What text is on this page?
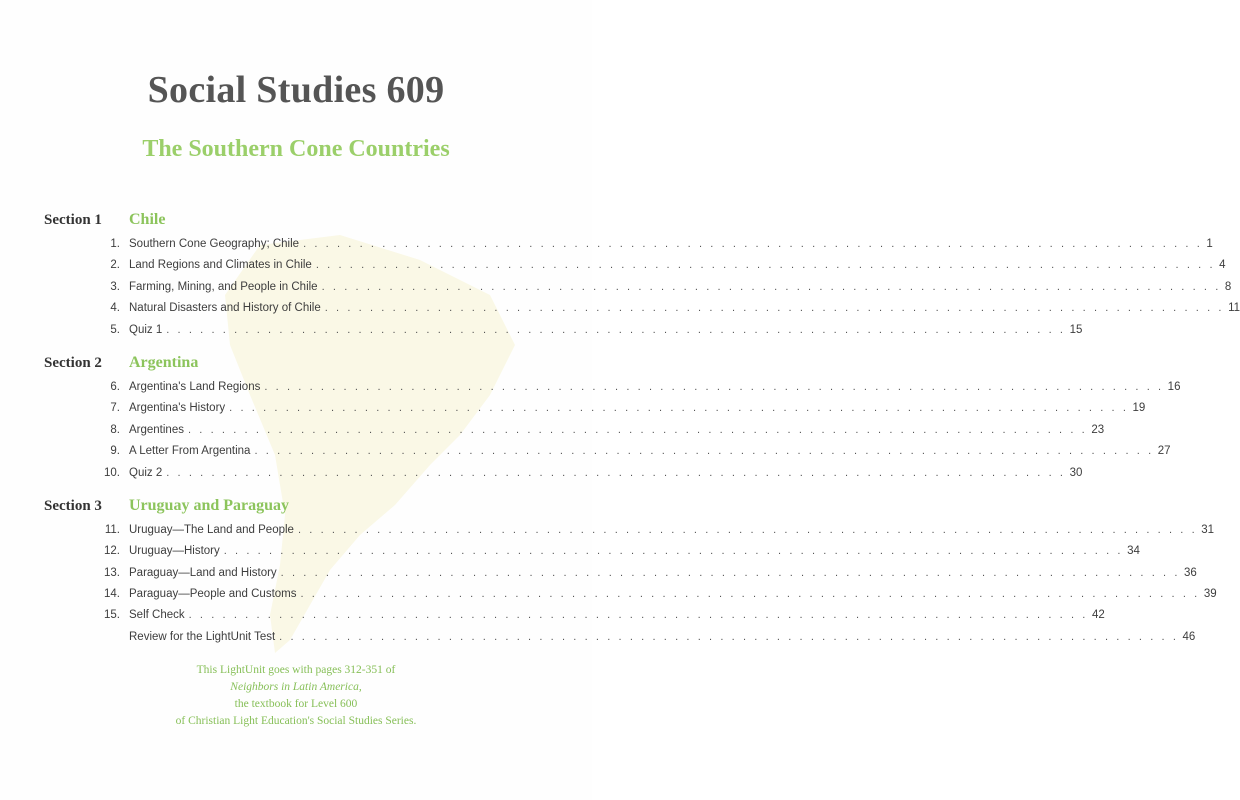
Social Studies 609
The Southern Cone Countries
Section 1 Chile
1. Southern Cone Geography; Chile . . . . . . . . . . . . . . . . . . . . . . . . . . . . . . . . . . . . . . . . . . . . . . . . . . . . . . . . . . . . . . . . . . . . . . . . . . . . . . . . 1
2. Land Regions and Climates in Chile . . . . . . . . . . . . . . . . . . . . . . . . . . . . . . . . . . . . . . . . . . . . . . . . . . . . . . . . . . . . . . . . . . . . . . . . . . . . . . . . 4
3. Farming, Mining, and People in Chile . . . . . . . . . . . . . . . . . . . . . . . . . . . . . . . . . . . . . . . . . . . . . . . . . . . . . . . . . . . . . . . . . . . . . . . . . . . . . . . . 8
4. Natural Disasters and History of Chile . . . . . . . . . . . . . . . . . . . . . . . . . . . . . . . . . . . . . . . . . . . . . . . . . . . . . . . . . . . . . . . . . . . . . . . . . . . . . . . . 11
5. Quiz 1 . . . . . . . . . . . . . . . . . . . . . . . . . . . . . . . . . . . . . . . . . . . . . . . . . . . . . . . . . . . . . . . . . . . . . . . . . . . . . . . . 15
Section 2 Argentina
6. Argentina's Land Regions . . . . . . . . . . . . . . . . . . . . . . . . . . . . . . . . . . . . . . . . . . . . . . . . . . . . . . . . . . . . . . . . . . . . . . . . . . . . . . . . 16
7. Argentina's History . . . . . . . . . . . . . . . . . . . . . . . . . . . . . . . . . . . . . . . . . . . . . . . . . . . . . . . . . . . . . . . . . . . . . . . . . . . . . . . . 19
8. Argentines . . . . . . . . . . . . . . . . . . . . . . . . . . . . . . . . . . . . . . . . . . . . . . . . . . . . . . . . . . . . . . . . . . . . . . . . . . . . . . . . 23
9. A Letter From Argentina . . . . . . . . . . . . . . . . . . . . . . . . . . . . . . . . . . . . . . . . . . . . . . . . . . . . . . . . . . . . . . . . . . . . . . . . . . . . . . . . 27
10. Quiz 2 . . . . . . . . . . . . . . . . . . . . . . . . . . . . . . . . . . . . . . . . . . . . . . . . . . . . . . . . . . . . . . . . . . . . . . . . . . . . . . . . 30
Section 3 Uruguay and Paraguay
11. Uruguay—The Land and People . . . . . . . . . . . . . . . . . . . . . . . . . . . . . . . . . . . . . . . . . . . . . . . . . . . . . . . . . . . . . . . . . . . . . . . . . . . . . . . . 31
12. Uruguay—History . . . . . . . . . . . . . . . . . . . . . . . . . . . . . . . . . . . . . . . . . . . . . . . . . . . . . . . . . . . . . . . . . . . . . . . . . . . . . . . . 34
13. Paraguay—Land and History . . . . . . . . . . . . . . . . . . . . . . . . . . . . . . . . . . . . . . . . . . . . . . . . . . . . . . . . . . . . . . . . . . . . . . . . . . . . . . . . 36
14. Paraguay—People and Customs . . . . . . . . . . . . . . . . . . . . . . . . . . . . . . . . . . . . . . . . . . . . . . . . . . . . . . . . . . . . . . . . . . . . . . . . . . . . . . . . 39
15. Self Check . . . . . . . . . . . . . . . . . . . . . . . . . . . . . . . . . . . . . . . . . . . . . . . . . . . . . . . . . . . . . . . . . . . . . . . . . . . . . . . . 42
Review for the LightUnit Test . . . . . . . . . . . . . . . . . . . . . . . . . . . . . . . . . . . . . . . . . . . . . . . . . . . . . . . . . . . . . . . . . . . . . . . . . . . . . . . . 46
This LightUnit goes with pages 312-351 of
Neighbors in Latin America,
the textbook for Level 600
of Christian Light Education's Social Studies Series.
